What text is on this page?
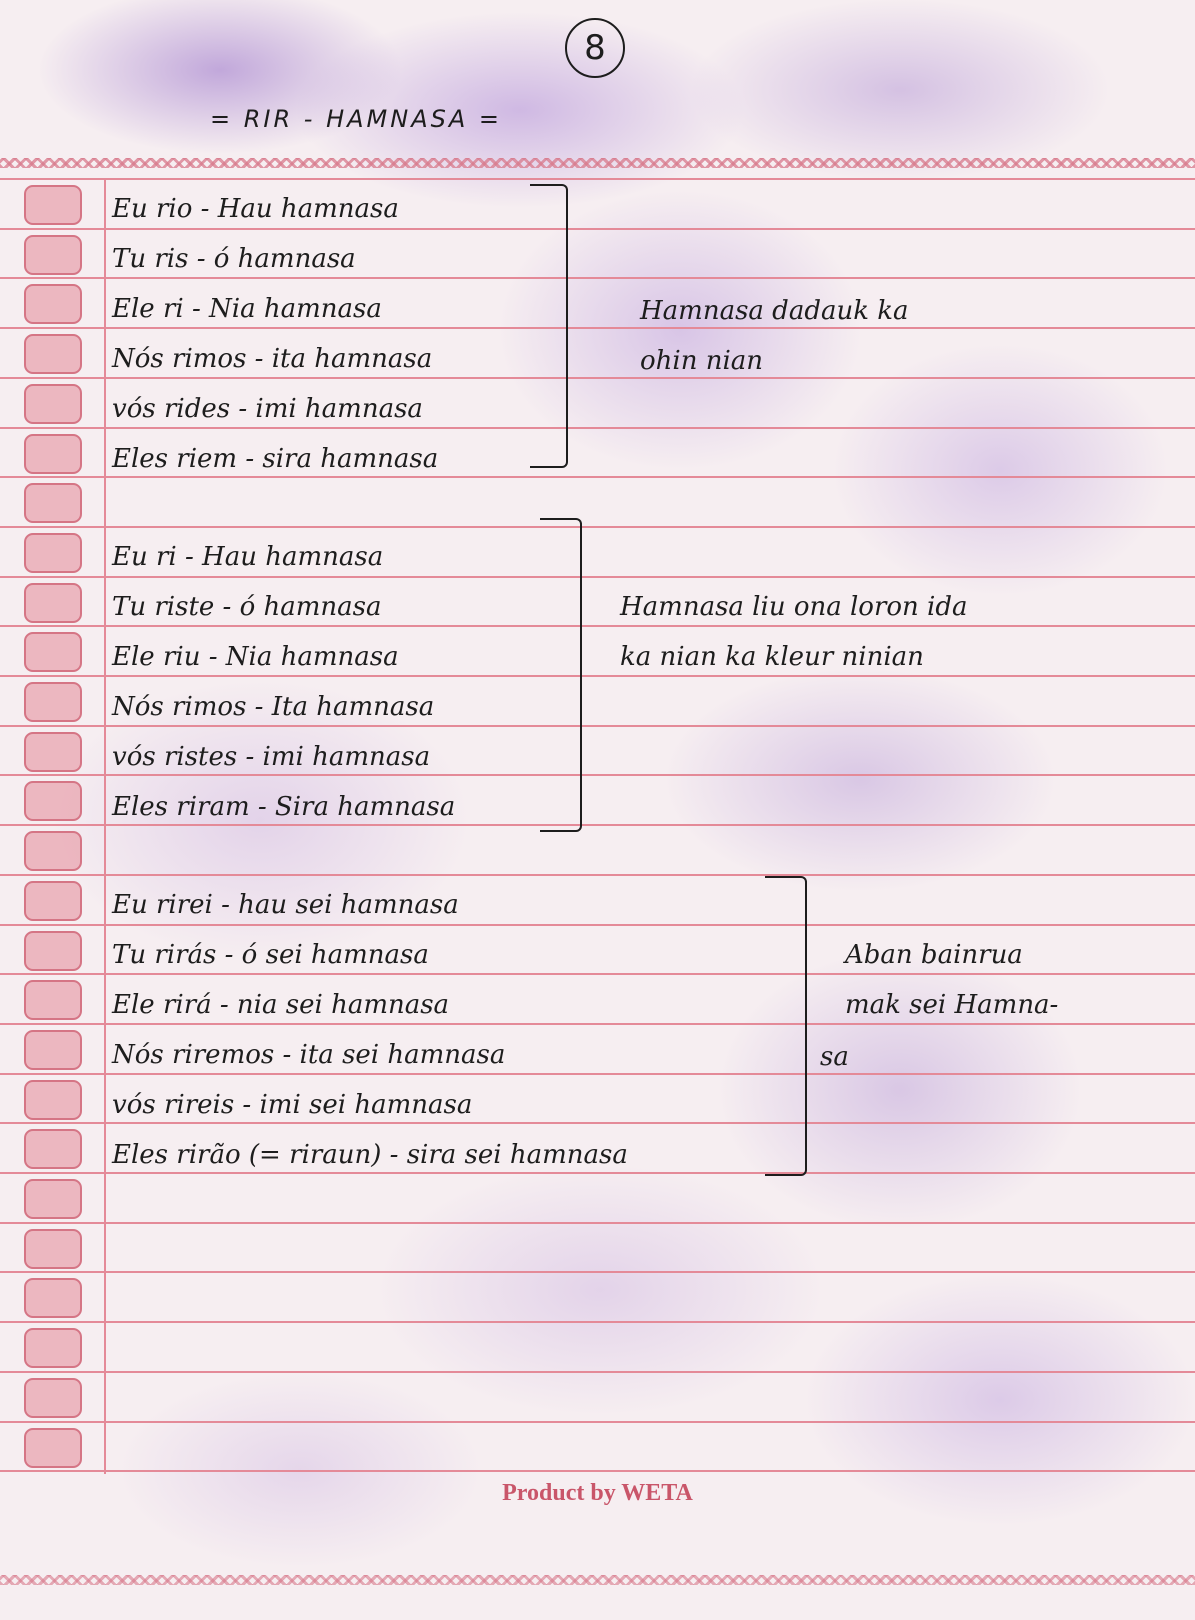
8
= RIR - HAMNASA =
Eu rio - Hau hamnasa
Tu ris - ó hamnasa
Ele ri - Nia hamnasa
Nós rimos - ita hamnasa
vós rides - imi hamnasa
Eles riem - sira hamnasa
Hamnasa dadauk ka
ohin nian
Eu ri - Hau hamnasa
Tu riste - ó hamnasa
Ele riu - Nia hamnasa
Nós rimos - Ita hamnasa
vós ristes - imi hamnasa
Eles riram - Sira hamnasa
Hamnasa liu ona loron ida
ka nian ka kleur ninian
Eu rirei - hau sei hamnasa
Tu rirás - ó sei hamnasa
Ele rirá - nia sei hamnasa
Nós riremos - ita sei hamnasa
vós rireis - imi sei hamnasa
Eles rirão (= riraun) - sira sei hamnasa
Aban bainrua
mak sei Hamna-
sa
Product by WETA
